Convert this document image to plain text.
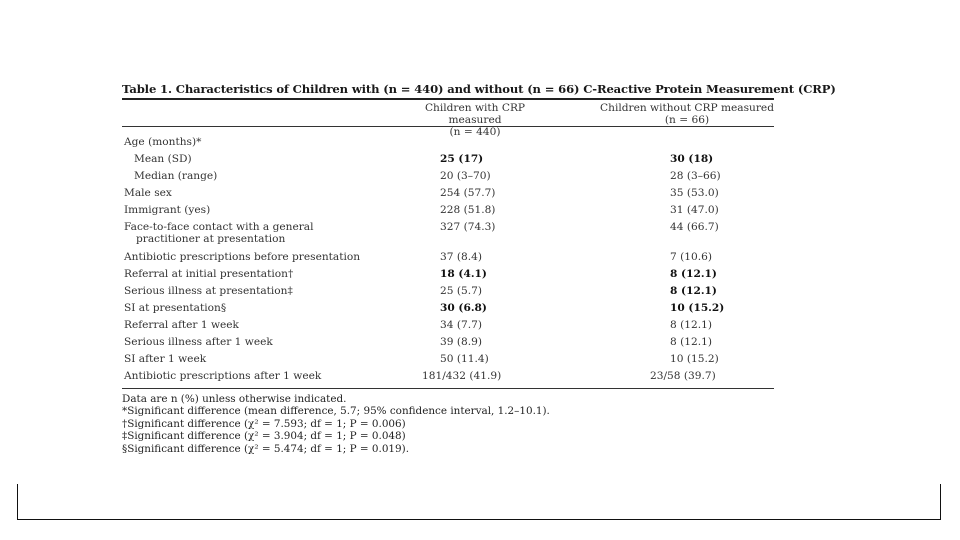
Table 1. Characteristics of Children with (n = 440) and without (n = 66) C-Reactive Protein Measurement (CRP)
Children with CRP measured
(n = 440)
Children without CRP measured
(n = 66)
Age (months)*
Mean (SD)	25 (17)	30 (18)
Median (range)	20 (3–70)	28 (3–66)
Male sex	254 (57.7)	35 (53.0)
Immigrant (yes)	228 (51.8)	31 (47.0)
Face-to-face contact with a general
practitioner at presentation
327 (74.3)	44 (66.7)
Antibiotic prescriptions before presentation	37 (8.4)	7 (10.6)
Referral at initial presentation†	18 (4.1)	8 (12.1)
Serious illness at presentation‡	25 (5.7)	8 (12.1)
SI at presentation§	30 (6.8)	10 (15.2)
Referral after 1 week	34 (7.7)	8 (12.1)
Serious illness after 1 week	39 (8.9)	8 (12.1)
SI after 1 week	50 (11.4)	10 (15.2)
Antibiotic prescriptions after 1 week	181/432 (41.9)	23/58 (39.7)
Data are n (%) unless otherwise indicated.
*Significant difference (mean difference, 5.7; 95% confidence interval, 1.2–10.1).
†Significant difference (χ² = 7.593; df = 1; P = 0.006)
‡Significant difference (χ² = 3.904; df = 1; P = 0.048)
§Significant difference (χ² = 5.474; df = 1; P = 0.019).
